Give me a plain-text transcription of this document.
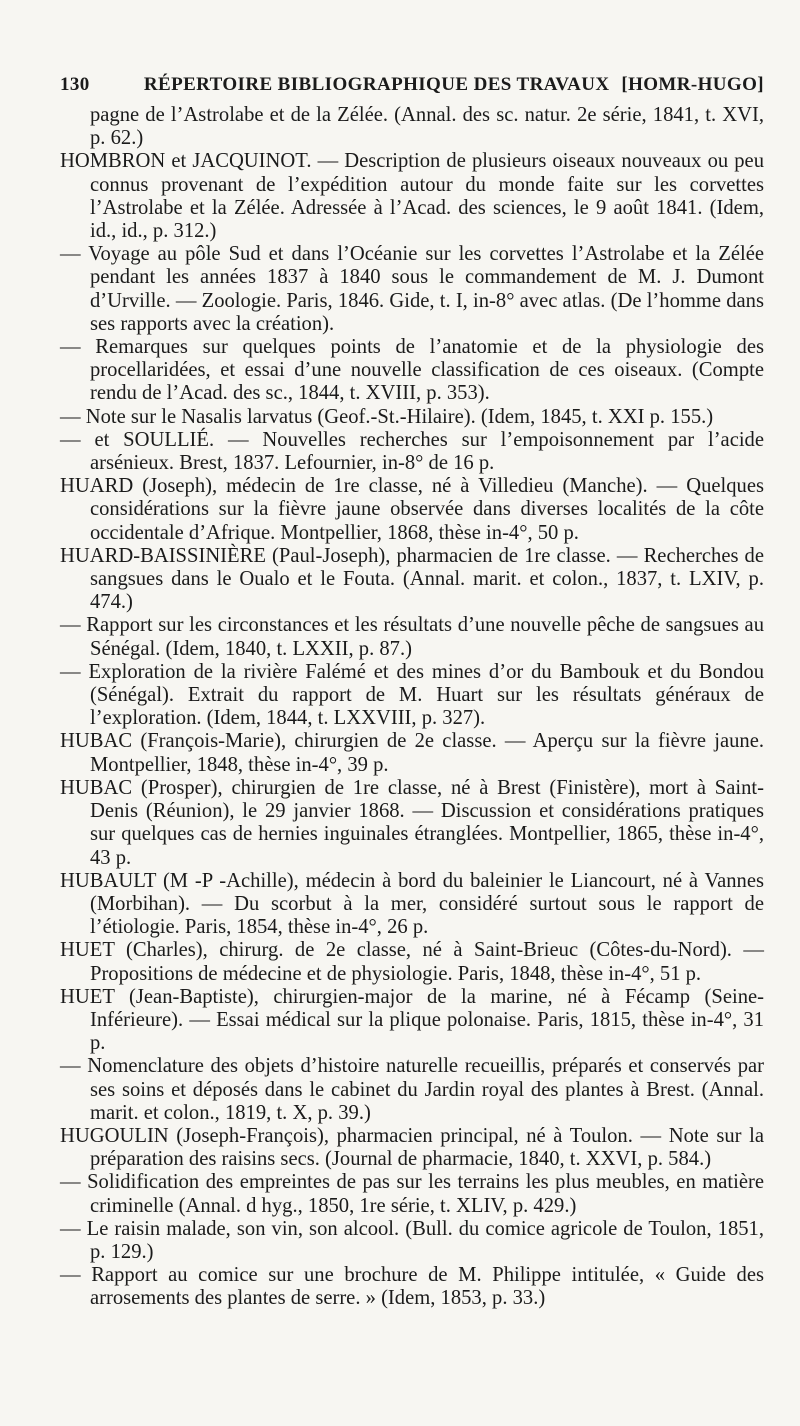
130	RÉPERTOIRE BIBLIOGRAPHIQUE DES TRAVAUX [HOMR-HUGO]

pagne de l’Astrolabe et de la Zélée. (Annal. des sc. natur. 2e série, 1841, t. XVI, p. 62.)

HOMBRON et JACQUINOT. — Description de plusieurs oiseaux nouveaux ou peu connus provenant de l’expédition autour du monde faite sur les corvettes l’Astrolabe et la Zélée. Adressée à l’Acad. des sciences, le 9 août 1841. (Idem, id., id., p. 312.)

— Voyage au pôle Sud et dans l’Océanie sur les corvettes l’Astrolabe et la Zélée pendant les années 1837 à 1840 sous le commandement de M. J. Dumont d’Urville. — Zoologie. Paris, 1846. Gide, t. I, in-8° avec atlas. (De l’homme dans ses rapports avec la création).

— Remarques sur quelques points de l’anatomie et de la physiologie des procellaridées, et essai d’une nouvelle classification de ces oiseaux. (Compte rendu de l’Acad. des sc., 1844, t. XVIII, p. 353).

— Note sur le Nasalis larvatus (Geof.-St.-Hilaire). (Idem, 1845, t. XXI p. 155.)

— et SOULLIÉ. — Nouvelles recherches sur l’empoisonnement par l’acide arsénieux. Brest, 1837. Lefournier, in-8° de 16 p.

HUARD (Joseph), médecin de 1re classe, né à Villedieu (Manche). — Quelques considérations sur la fièvre jaune observée dans diverses localités de la côte occidentale d’Afrique. Montpellier, 1868, thèse in-4°, 50 p.

HUARD-BAISSINIÈRE (Paul-Joseph), pharmacien de 1re classe. — Recherches de sangsues dans le Oualo et le Fouta. (Annal. marit. et colon., 1837, t. LXIV, p. 474.)

— Rapport sur les circonstances et les résultats d’une nouvelle pêche de sangsues au Sénégal. (Idem, 1840, t. LXXII, p. 87.)

— Exploration de la rivière Falémé et des mines d’or du Bambouk et du Bondou (Sénégal). Extrait du rapport de M. Huart sur les résultats généraux de l’exploration. (Idem, 1844, t. LXXVIII, p. 327).

HUBAC (François-Marie), chirurgien de 2e classe. — Aperçu sur la fièvre jaune. Montpellier, 1848, thèse in-4°, 39 p.

HUBAC (Prosper), chirurgien de 1re classe, né à Brest (Finistère), mort à Saint-Denis (Réunion), le 29 janvier 1868. — Discussion et considérations pratiques sur quelques cas de hernies inguinales étranglées. Montpellier, 1865, thèse in-4°, 43 p.

HUBAULT (M -P -Achille), médecin à bord du baleinier le Liancourt, né à Vannes (Morbihan). — Du scorbut à la mer, considéré surtout sous le rapport de l’étiologie. Paris, 1854, thèse in-4°, 26 p.

HUET (Charles), chirurg. de 2e classe, né à Saint-Brieuc (Côtes-du-Nord). — Propositions de médecine et de physiologie. Paris, 1848, thèse in-4°, 51 p.

HUET (Jean-Baptiste), chirurgien-major de la marine, né à Fécamp (Seine-Inférieure). — Essai médical sur la plique polonaise. Paris, 1815, thèse in-4°, 31 p.

— Nomenclature des objets d’histoire naturelle recueillis, préparés et conservés par ses soins et déposés dans le cabinet du Jardin royal des plantes à Brest. (Annal. marit. et colon., 1819, t. X, p. 39.)

HUGOULIN (Joseph-François), pharmacien principal, né à Toulon. — Note sur la préparation des raisins secs. (Journal de pharmacie, 1840, t. XXVI, p. 584.)

— Solidification des empreintes de pas sur les terrains les plus meubles, en matière criminelle (Annal. d hyg., 1850, 1re série, t. XLIV, p. 429.)

— Le raisin malade, son vin, son alcool. (Bull. du comice agricole de Toulon, 1851, p. 129.)

— Rapport au comice sur une brochure de M. Philippe intitulée, « Guide des arrosements des plantes de serre. » (Idem, 1853, p. 33.)
